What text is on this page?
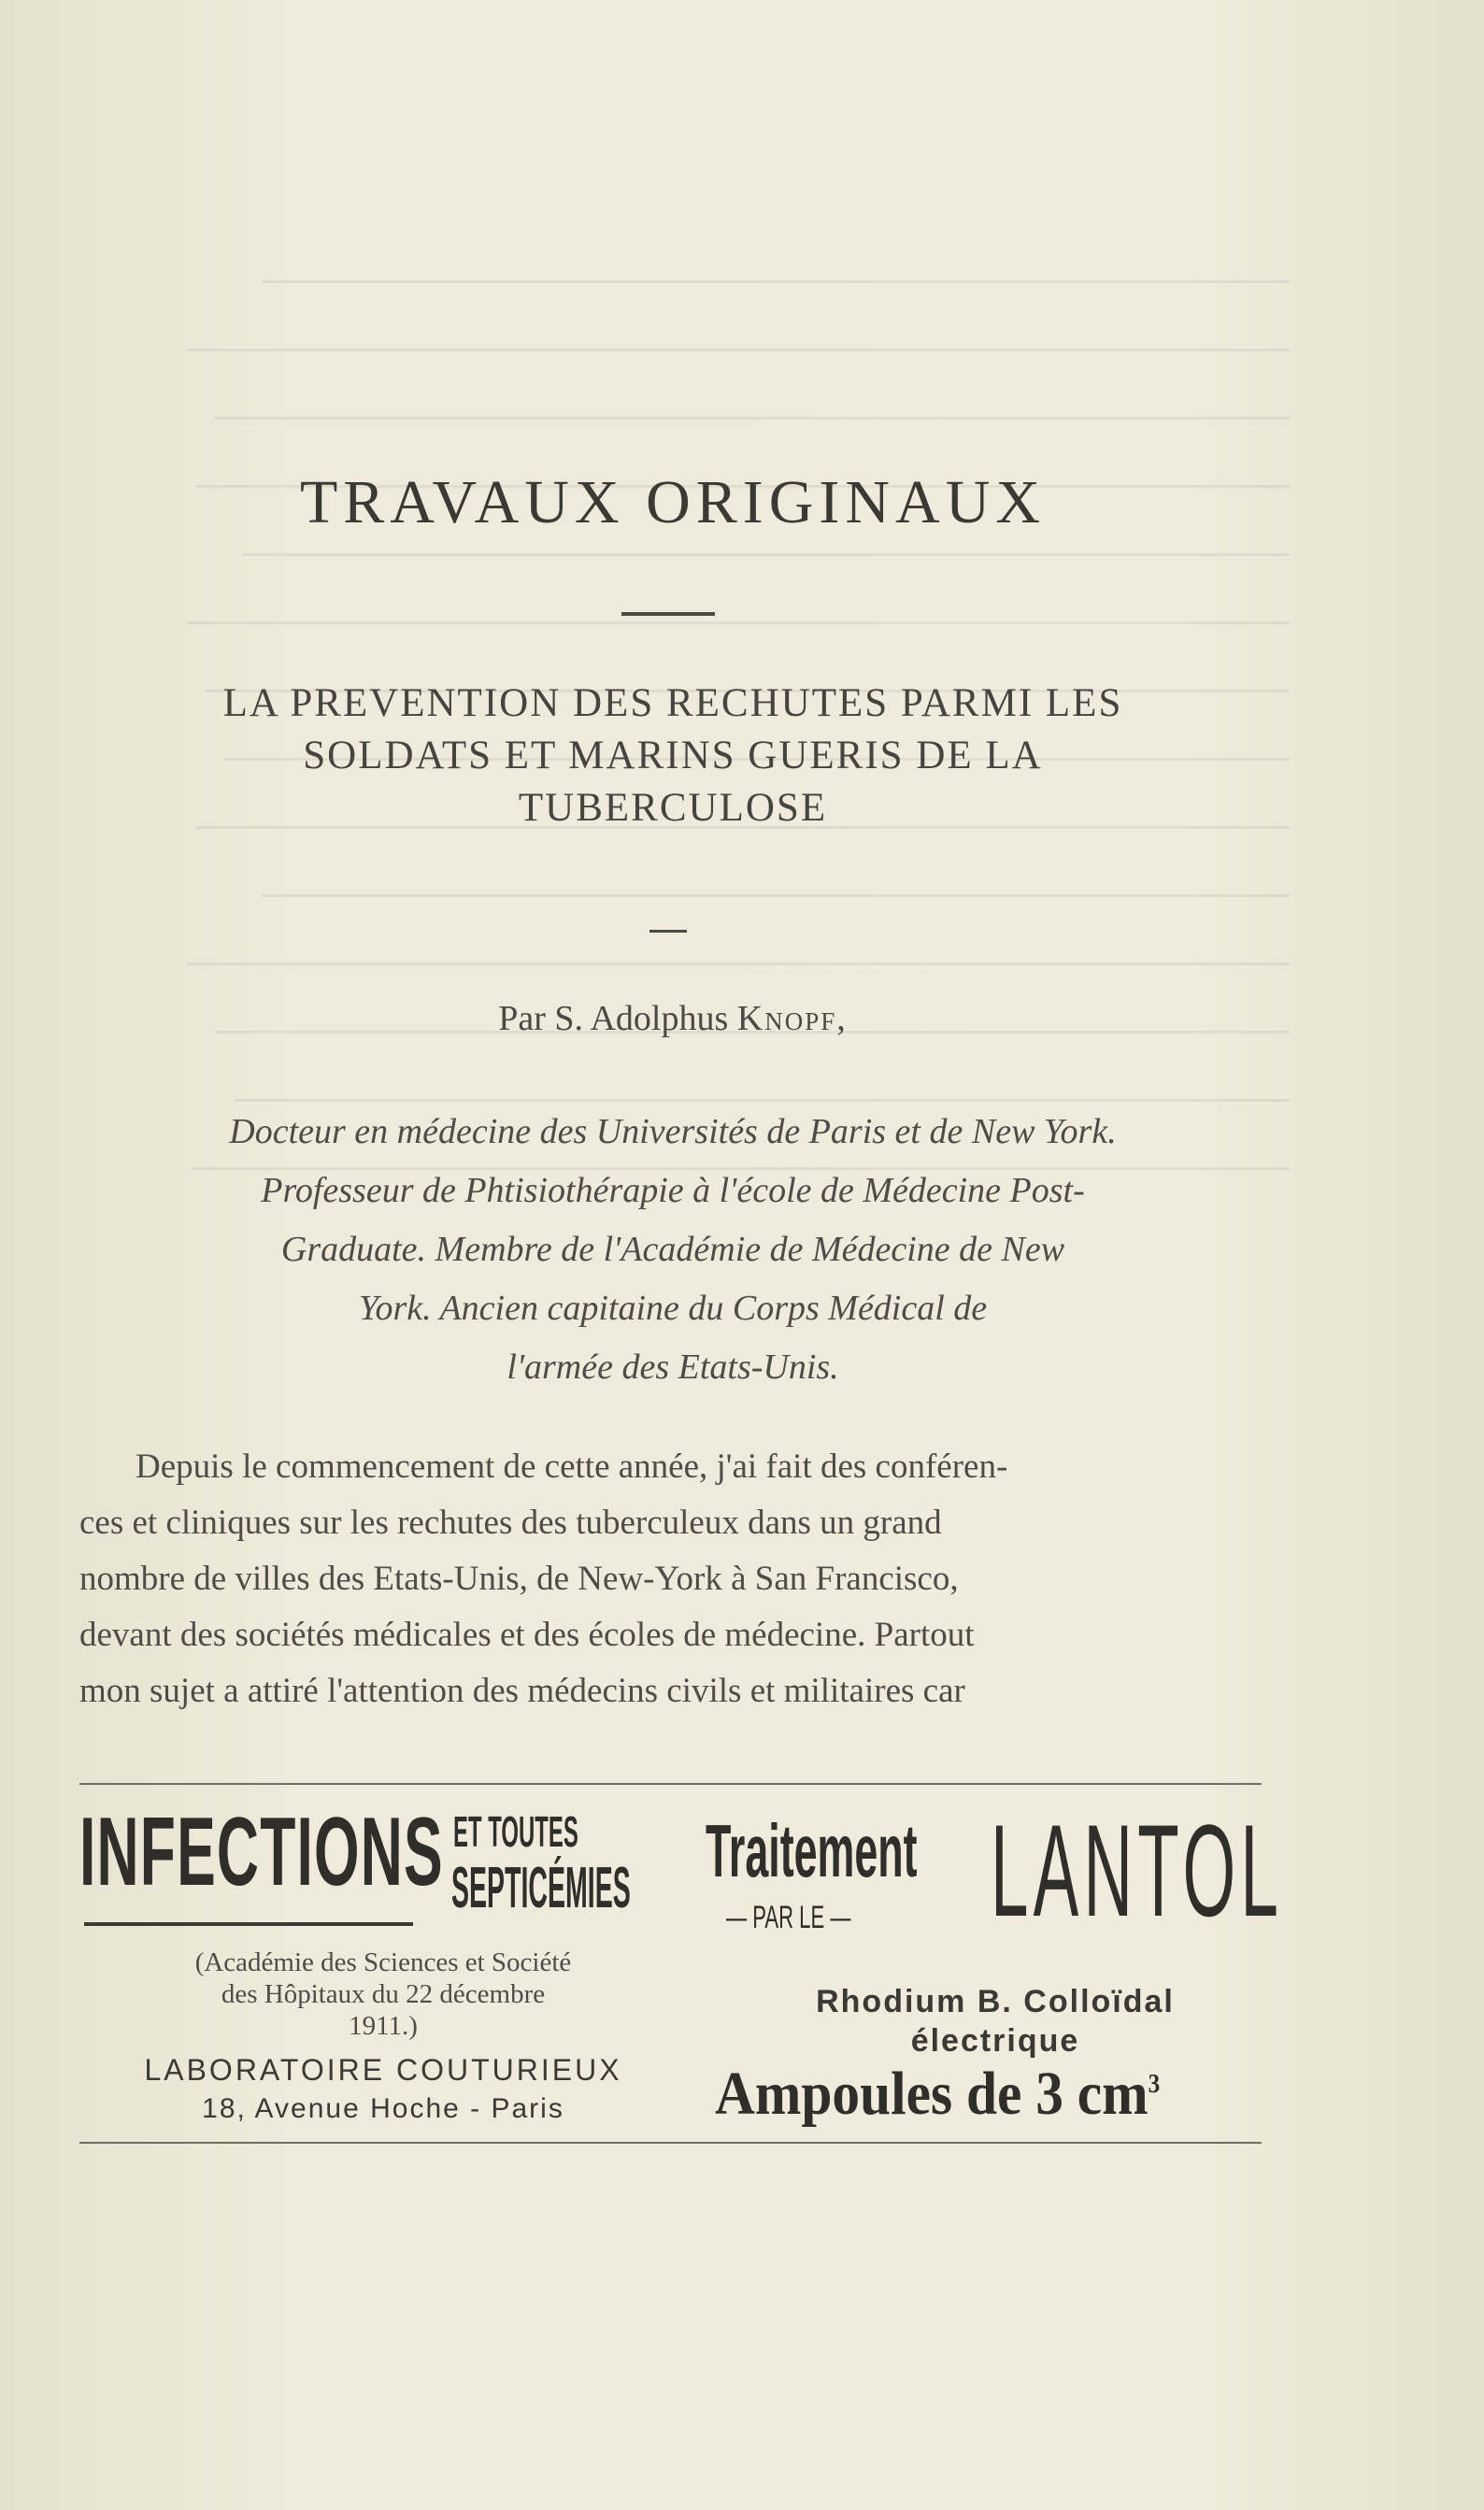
TRAVAUX ORIGINAUX
LA PREVENTION DES RECHUTES PARMI LES
SOLDATS ET MARINS GUERIS DE LA
TUBERCULOSE
Par S. Adolphus Knopf,
Docteur en médecine des Universités de Paris et de New York.
Professeur de Phtisiothérapie à l'école de Médecine Post-
Graduate. Membre de l'Académie de Médecine de New
York. Ancien capitaine du Corps Médical de
l'armée des Etats-Unis.
Depuis le commencement de cette année, j'ai fait des conféren-
ces et cliniques sur les rechutes des tuberculeux dans un grand
nombre de villes des Etats-Unis, de New-York à San Francisco,
devant des sociétés médicales et des écoles de médecine. Partout
mon sujet a attiré l'attention des médecins civils et militaires car
INFECTIONS ET TOUTES
SEPTICÉMIES Traitement
— PAR LE — LANTOL
(Académie des Sciences et Société
des Hôpitaux du 22 décembre
1911.)
LABORATOIRE COUTURIEUX
18, Avenue Hoche - Paris
Rhodium B. Colloïdal
électrique
Ampoules de 3 $cm^3$
